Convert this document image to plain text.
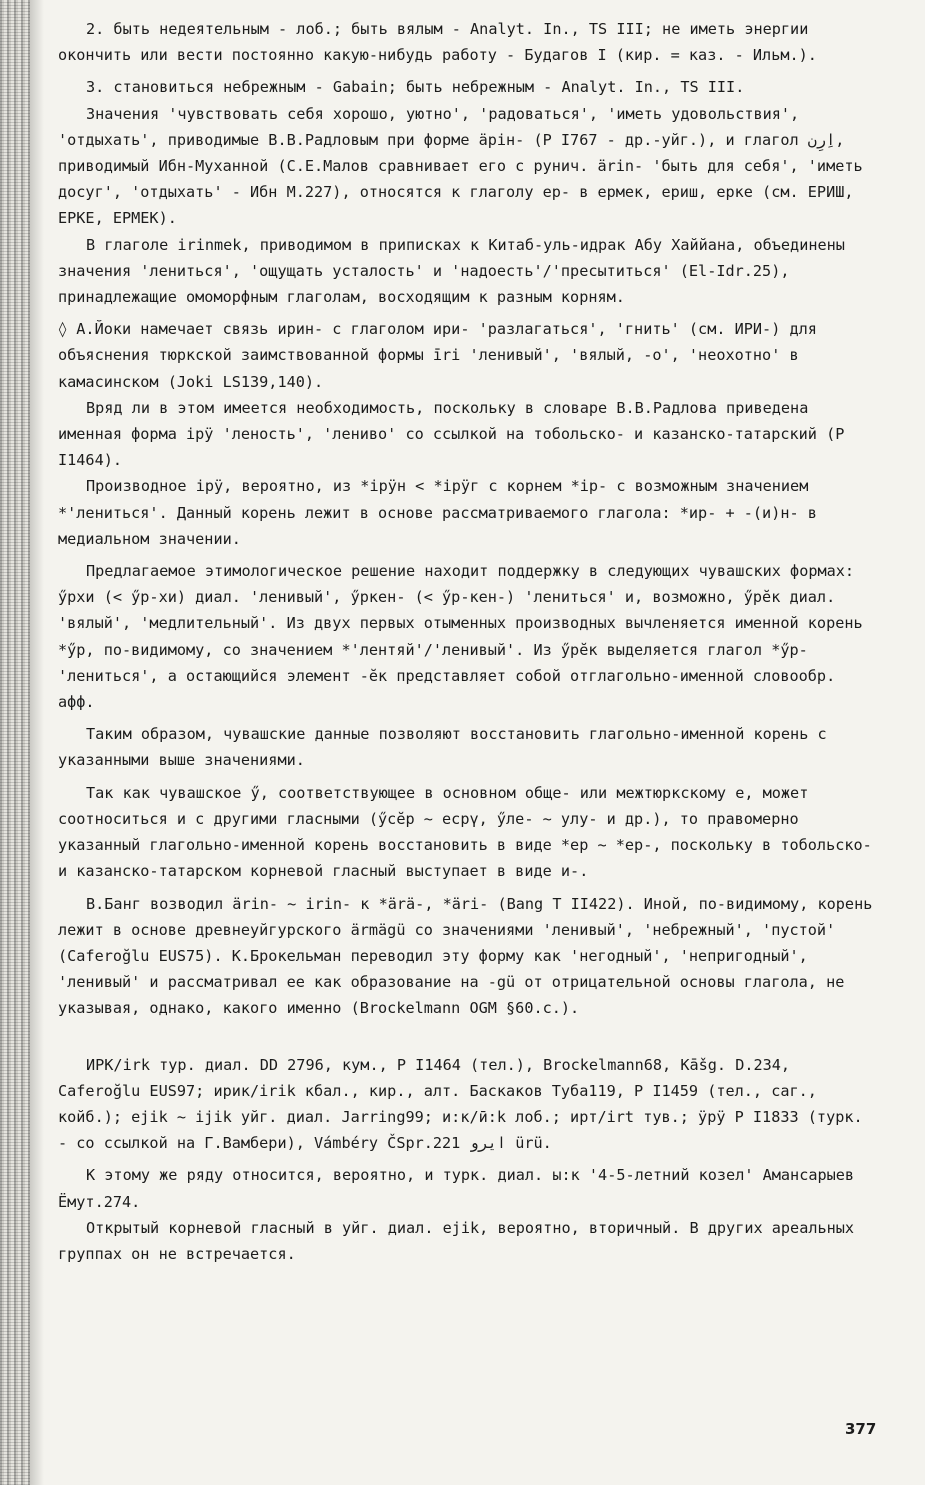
2. быть недеятельным - лоб.; быть вялым - Analyt. In., TS III; не иметь энергии окончить или вести постоянно какую-нибудь работу - Будагов I (кир. = каз. - Ильм.).

3. становиться небрежным - Gabain; быть небрежным - Analyt. In., TS III.

Значения 'чувствовать себя хорошо, уютно', 'радоваться', 'иметь удовольствия', 'отдыхать', приводимые В.В.Радловым при форме ӓрін- (Р I767 - др.-уйг.), и глагол اِرِن, приводимый Ибн-Муханной (С.Е.Малов сравнивает его с рунич. ӓrin- 'быть для себя', 'иметь досуг', 'отдыхать' - Ибн М.227), относятся к глаголу ер- в ермек, ериш, ерке (см. ЕРИШ, ЕРКЕ, ЕРМЕК).

В глаголе irinmek, приводимом в приписках к Китаб-уль-идрак Абу Хаййана, объединены значения 'лениться', 'ощущать усталость' и 'надоесть'/'пресытиться' (El-Idr.25), принадлежащие омоморфным глаголам, восходящим к разным корням.

◊ А.Йоки намечает связь ирин- с глаголом ири- 'разлагаться', 'гнить' (см. ИРИ-) для объяснения тюркской заимствованной формы īri 'ленивый', 'вялый, -о', 'неохотно' в камасинском (Joki LS139,140).

Вряд ли в этом имеется необходимость, поскольку в словаре В.В.Радлова приведена именная форма ірӱ 'леность', 'лениво' со ссылкой на тобольско- и казанско-татарский (Р I1464).

Производное ірӱ, вероятно, из *ірӱн < *ірӱг с корнем *ір- с возможным значением *'лениться'. Данный корень лежит в основе рассматриваемого глагола: *ир- + -(и)н- в медиальном значении.

Предлагаемое этимологическое решение находит поддержку в следующих чувашских формах: ӳрхи (< ӳр-хи) диал. 'ленивый', ӳркен- (< ӳр-кен-) 'лениться' и, возможно, ӳрĕк диал. 'вялый', 'медлительный'. Из двух первых отыменных производных вычленяется именной корень *ӳр, по-видимому, со значением *'лентяй'/'ленивый'. Из ӳрĕк выделяется глагол *ӳр- 'лениться', а остающийся элемент -ĕк представляет собой отглагольно-именной словообр. афф.

Таким образом, чувашские данные позволяют восстановить глагольно-именной корень с указанными выше значениями.

Так как чувашское ӳ, соответствующее в основном обще- или межтюркскому е, может соотноситься и с другими гласными (ӳсĕр ~ есрү, ӳле- ~ улу- и др.), то правомерно указанный глагольно-именной корень восстановить в виде *ер ~ *ер-, поскольку в тобольско- и казанско-татарском корневой гласный выступает в виде и-.

В.Банг возводил ӓrin- ~ irin- к *ӓrӓ-, *ӓri- (Bang T II422). Иной, по-видимому, корень лежит в основе древнеуйгурского ӓrmӓgü со значениями 'ленивый', 'небрежный', 'пустой' (Caferoğlu EUS75). К.Брокельман переводил эту форму как 'негодный', 'непригодный', 'ленивый' и рассматривал ее как образование на -gü от отрицательной основы глагола, не указывая, однако, какого именно (Brockelmann OGM §60.c.).

ИРК/irk тур. диал. DD 2796, кум., Р I1464 (тел.), Brockelmann68, Kāšg. D.234, Caferoğlu EUS97; ирик/irik кбал., кир., алт. Баскаков Туба119, Р I1459 (тел., саг., койб.); ejik ~ ijik уйг. диал. Jarring99; и:к/ӣ:k лоб.; ирт/irt тув.; ӱрӱ Р I1833 (турк. - со ссылкой на Г.Вамбери), Vámbéry ČSpr.221 ايرو ürü.

К этому же ряду относится, вероятно, и турк. диал. ы:к '4-5-летний козел' Амансарыев Ёмут.274.

Открытый корневой гласный в уйг. диал. ejik, вероятно, вторичный. В других ареальных группах он не встречается.

377
